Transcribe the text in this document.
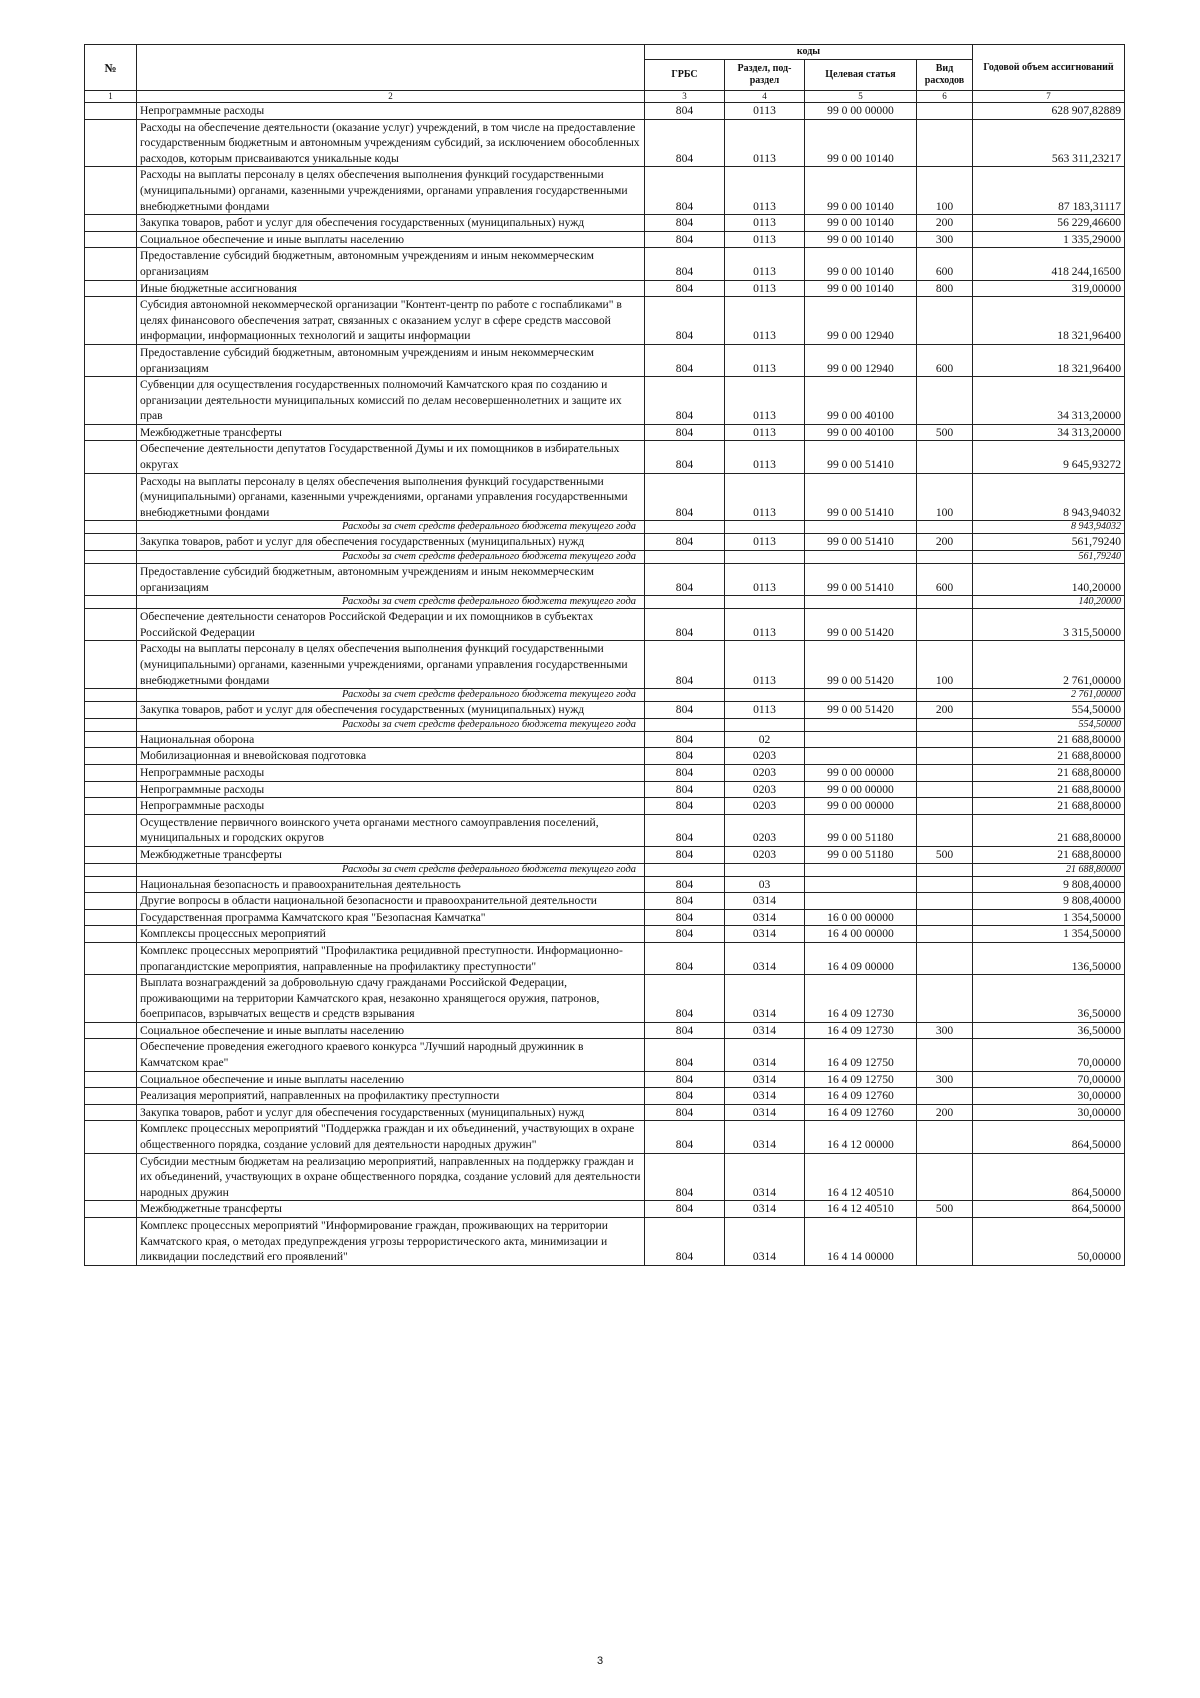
№		коды				Годовой объем ассигнований
		ГРБС	Раздел, под-раздел	Целевая статья	Вид расходов	
1	2	3	4	5	6	7
	Непрограммные расходы	804	0113	99 0 00 00000		628 907,82889
	Расходы на обеспечение деятельности (оказание услуг) учреждений, в том числе на предоставление государственным бюджетным и автономным учреждениям субсидий, за исключением обособленных расходов, которым присваиваются уникальные коды	804	0113	99 0 00 10140		563 311,23217
	Расходы на выплаты персоналу в целях обеспечения выполнения функций государственными (муниципальными) органами, казенными учреждениями, органами управления государственными внебюджетными фондами	804	0113	99 0 00 10140	100	87 183,31117
	Закупка товаров, работ и услуг для обеспечения государственных (муниципальных) нужд	804	0113	99 0 00 10140	200	56 229,46600
	Социальное обеспечение и иные выплаты населению	804	0113	99 0 00 10140	300	1 335,29000
	Предоставление субсидий бюджетным, автономным учреждениям и иным некоммерческим организациям	804	0113	99 0 00 10140	600	418 244,16500
	Иные бюджетные ассигнования	804	0113	99 0 00 10140	800	319,00000
	Субсидия автономной некоммерческой организации "Контент-центр по работе с госпабликами" в целях финансового обеспечения затрат, связанных с оказанием услуг в сфере средств массовой информации, информационных технологий и защиты информации	804	0113	99 0 00 12940		18 321,96400
	Предоставление субсидий бюджетным, автономным учреждениям и иным некоммерческим организациям	804	0113	99 0 00 12940	600	18 321,96400
	Субвенции для осуществления государственных полномочий Камчатского края по созданию и организации деятельности муниципальных комиссий по делам несовершеннолетних и защите их прав	804	0113	99 0 00 40100		34 313,20000
	Межбюджетные трансферты	804	0113	99 0 00 40100	500	34 313,20000
	Обеспечение деятельности депутатов Государственной Думы и их помощников в избирательных округах	804	0113	99 0 00 51410		9 645,93272
	Расходы на выплаты персоналу в целях обеспечения выполнения функций государственными (муниципальными) органами, казенными учреждениями, органами управления государственными внебюджетными фондами	804	0113	99 0 00 51410	100	8 943,94032
	Расходы за счет средств федерального бюджета текущего года					8 943,94032
	Закупка товаров, работ и услуг для обеспечения государственных (муниципальных) нужд	804	0113	99 0 00 51410	200	561,79240
	Расходы за счет средств федерального бюджета текущего года					561,79240
	Предоставление субсидий бюджетным, автономным учреждениям и иным некоммерческим организациям	804	0113	99 0 00 51410	600	140,20000
	Расходы за счет средств федерального бюджета текущего года					140,20000
	Обеспечение деятельности сенаторов Российской Федерации и их помощников в субъектах Российской Федерации	804	0113	99 0 00 51420		3 315,50000
	Расходы на выплаты персоналу в целях обеспечения выполнения функций государственными (муниципальными) органами, казенными учреждениями, органами управления государственными внебюджетными фондами	804	0113	99 0 00 51420	100	2 761,00000
	Расходы за счет средств федерального бюджета текущего года					2 761,00000
	Закупка товаров, работ и услуг для обеспечения государственных (муниципальных) нужд	804	0113	99 0 00 51420	200	554,50000
	Расходы за счет средств федерального бюджета текущего года					554,50000
	Национальная оборона	804	02			21 688,80000
	Мобилизационная и вневойсковая подготовка	804	0203			21 688,80000
	Непрограммные расходы	804	0203	99 0 00 00000		21 688,80000
	Непрограммные расходы	804	0203	99 0 00 00000		21 688,80000
	Непрограммные расходы	804	0203	99 0 00 00000		21 688,80000
	Осуществление первичного воинского учета органами местного самоуправления поселений, муниципальных и городских округов	804	0203	99 0 00 51180		21 688,80000
	Межбюджетные трансферты	804	0203	99 0 00 51180	500	21 688,80000
	Расходы за счет средств федерального бюджета текущего года					21 688,80000
	Национальная безопасность и правоохранительная деятельность	804	03			9 808,40000
	Другие вопросы в области национальной безопасности и правоохранительной деятельности	804	0314			9 808,40000
	Государственная программа Камчатского края "Безопасная Камчатка"	804	0314	16 0 00 00000		1 354,50000
	Комплексы процессных мероприятий	804	0314	16 4 00 00000		1 354,50000
	Комплекс процессных мероприятий "Профилактика рецидивной преступности. Информационно-пропагандистские мероприятия, направленные на профилактику преступности"	804	0314	16 4 09 00000		136,50000
	Выплата вознаграждений за добровольную сдачу гражданами Российской Федерации, проживающими на территории Камчатского края, незаконно хранящегося оружия, патронов, боеприпасов, взрывчатых веществ и средств взрывания	804	0314	16 4 09 12730		36,50000
	Социальное обеспечение и иные выплаты населению	804	0314	16 4 09 12730	300	36,50000
	Обеспечение проведения ежегодного краевого конкурса "Лучший народный дружинник в Камчатском крае"	804	0314	16 4 09 12750		70,00000
	Социальное обеспечение и иные выплаты населению	804	0314	16 4 09 12750	300	70,00000
	Реализация мероприятий, направленных на профилактику преступности	804	0314	16 4 09 12760		30,00000
	Закупка товаров, работ и услуг для обеспечения государственных (муниципальных) нужд	804	0314	16 4 09 12760	200	30,00000
	Комплекс процессных мероприятий "Поддержка граждан и их объединений, участвующих в охране общественного порядка, создание условий для деятельности народных дружин"	804	0314	16 4 12 00000		864,50000
	Субсидии местным бюджетам на реализацию мероприятий, направленных на поддержку граждан и их объединений, участвующих в охране общественного порядка, создание условий для деятельности народных дружин	804	0314	16 4 12 40510		864,50000
	Межбюджетные трансферты	804	0314	16 4 12 40510	500	864,50000
	Комплекс процессных мероприятий "Информирование граждан, проживающих на территории Камчатского края, о методах предупреждения угрозы террористического акта, минимизации и ликвидации последствий его проявлений"	804	0314	16 4 14 00000		50,00000
3
